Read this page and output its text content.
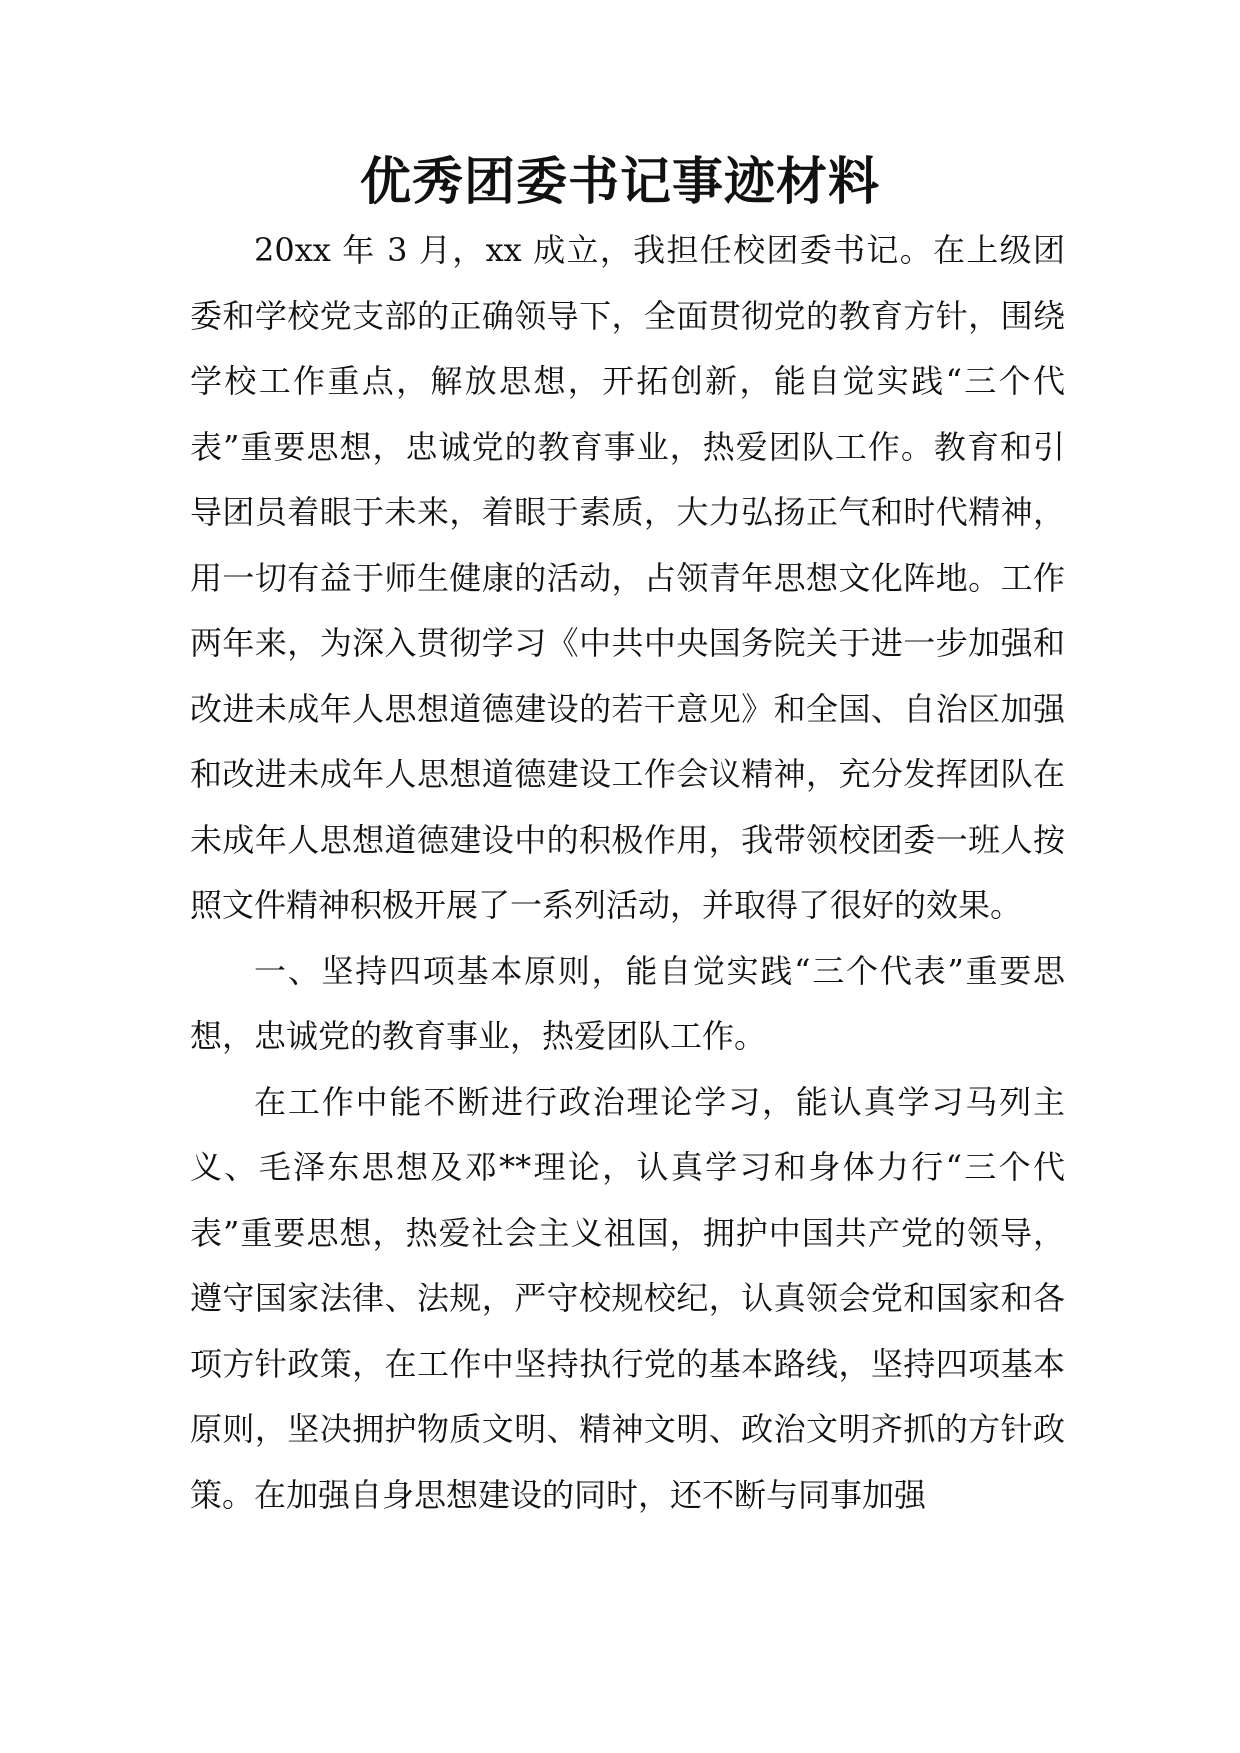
优秀团委书记事迹材料

20xx 年 3 月，xx 成立，我担任校团委书记。在上级团委和学校党支部的正确领导下，全面贯彻党的教育方针，围绕学校工作重点，解放思想，开拓创新，能自觉实践“三个代表”重要思想，忠诚党的教育事业，热爱团队工作。教育和引导团员着眼于未来，着眼于素质，大力弘扬正气和时代精神，用一切有益于师生健康的活动，占领青年思想文化阵地。工作两年来，为深入贯彻学习《中共中央国务院关于进一步加强和改进未成年人思想道德建设的若干意见》和全国、自治区加强和改进未成年人思想道德建设工作会议精神，充分发挥团队在未成年人思想道德建设中的积极作用，我带领校团委一班人按照文件精神积极开展了一系列活动，并取得了很好的效果。

一、坚持四项基本原则，能自觉实践“三个代表”重要思想，忠诚党的教育事业，热爱团队工作。

在工作中能不断进行政治理论学习，能认真学习马列主义、毛泽东思想及邓**理论，认真学习和身体力行“三个代表”重要思想，热爱社会主义祖国，拥护中国共产党的领导，遵守国家法律、法规，严守校规校纪，认真领会党和国家和各项方针政策，在工作中坚持执行党的基本路线，坚持四项基本原则，坚决拥护物质文明、精神文明、政治文明齐抓的方针政策。在加强自身思想建设的同时，还不断与同事加强
